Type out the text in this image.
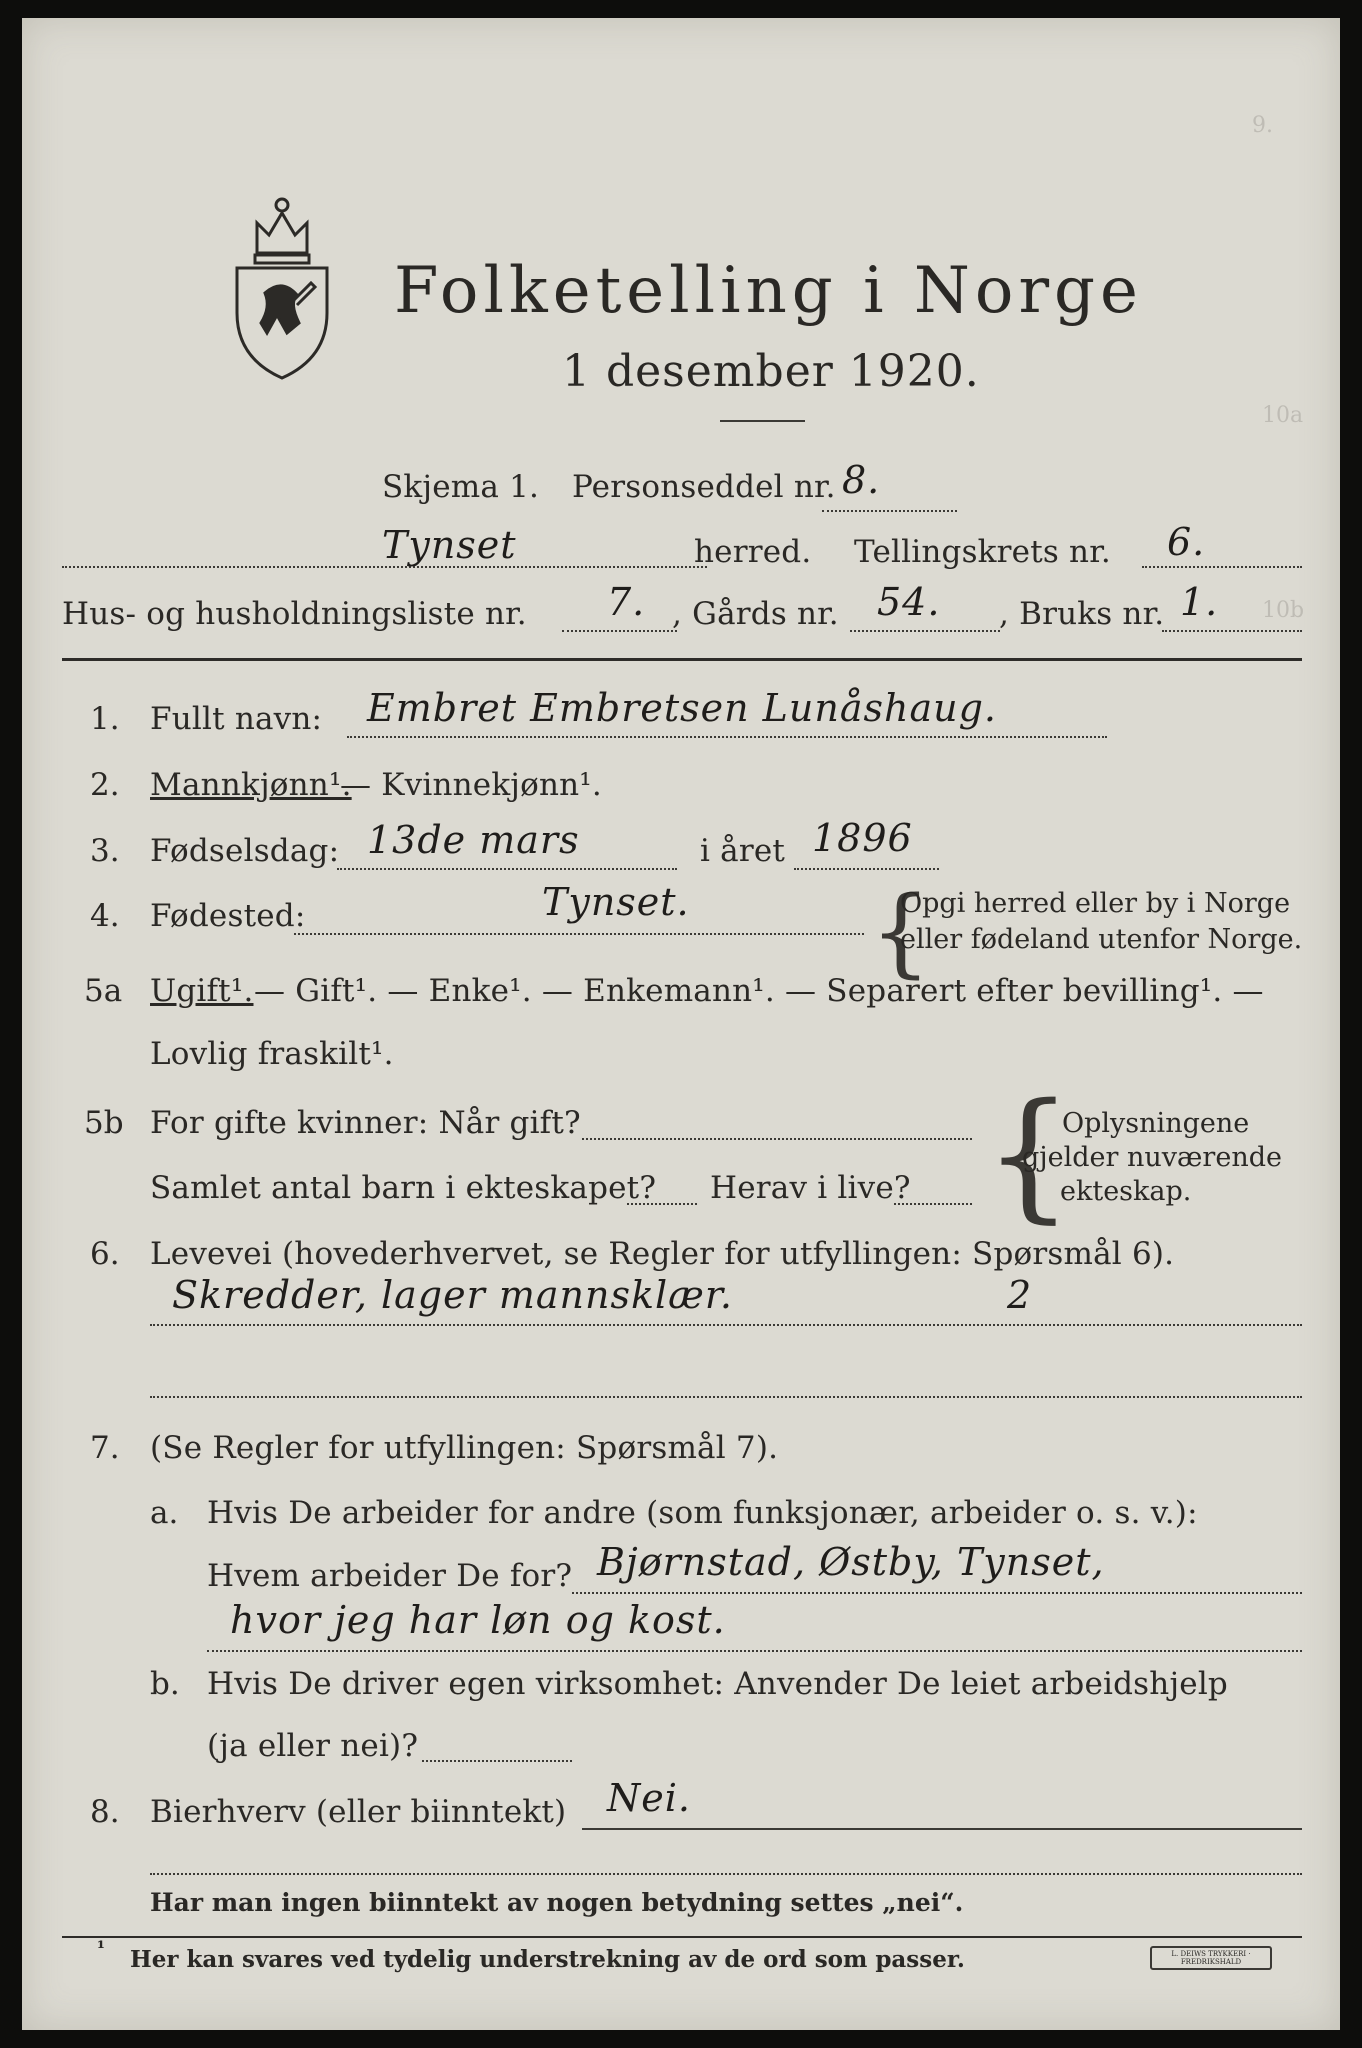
9.
10a
10b
Folketelling i Norge
1 desember 1920.
Skjema 1. Personseddel nr. 8.
Tynset	herred. Tellingskrets nr. 6.
Hus- og husholdningsliste nr. 7. , Gårds nr. 54. , Bruks nr. 1.
1. Fullt navn: Embret Embretsen Lunåshaug.
2. Mannkjønn¹.
— Kvinnekjønn¹.
3. Fødselsdag: 13de mars	i året 1896
4. Fødested:	Tynset. {
Opgi herred eller by i Norge
eller fødeland utenfor Norge.
5a Ugift¹. — Gift¹. — Enke¹. — Enkemann¹. — Separert efter bevilling¹. —
Lovlig fraskilt¹.
5b For gifte kvinner: Når gift?
Samlet antal barn i ekteskapet? Herav i live? {
Oplysningene
gjelder nuværende
ekteskap.
6. Levevei (hovederhvervet, se Regler for utfyllingen: Spørsmål 6).
Skredder, lager mannsklær.	2
7. (Se Regler for utfyllingen: Spørsmål 7).
a. Hvis De arbeider for andre (som funksjonær, arbeider o. s. v.):
Hvem arbeider De for? Bjørnstad, Østby, Tynset,
hvor jeg har løn og kost.
b. Hvis De driver egen virksomhet: Anvender De leiet arbeidshjelp
(ja eller nei)?
8. Bierhverv (eller biinntekt) Nei.
Har man ingen biinntekt av nogen betydning settes „nei“.
¹ Her kan svares ved tydelig understrekning av de ord som passer.	L. DEIWS TRYKKERI · FREDRIKSHALD
